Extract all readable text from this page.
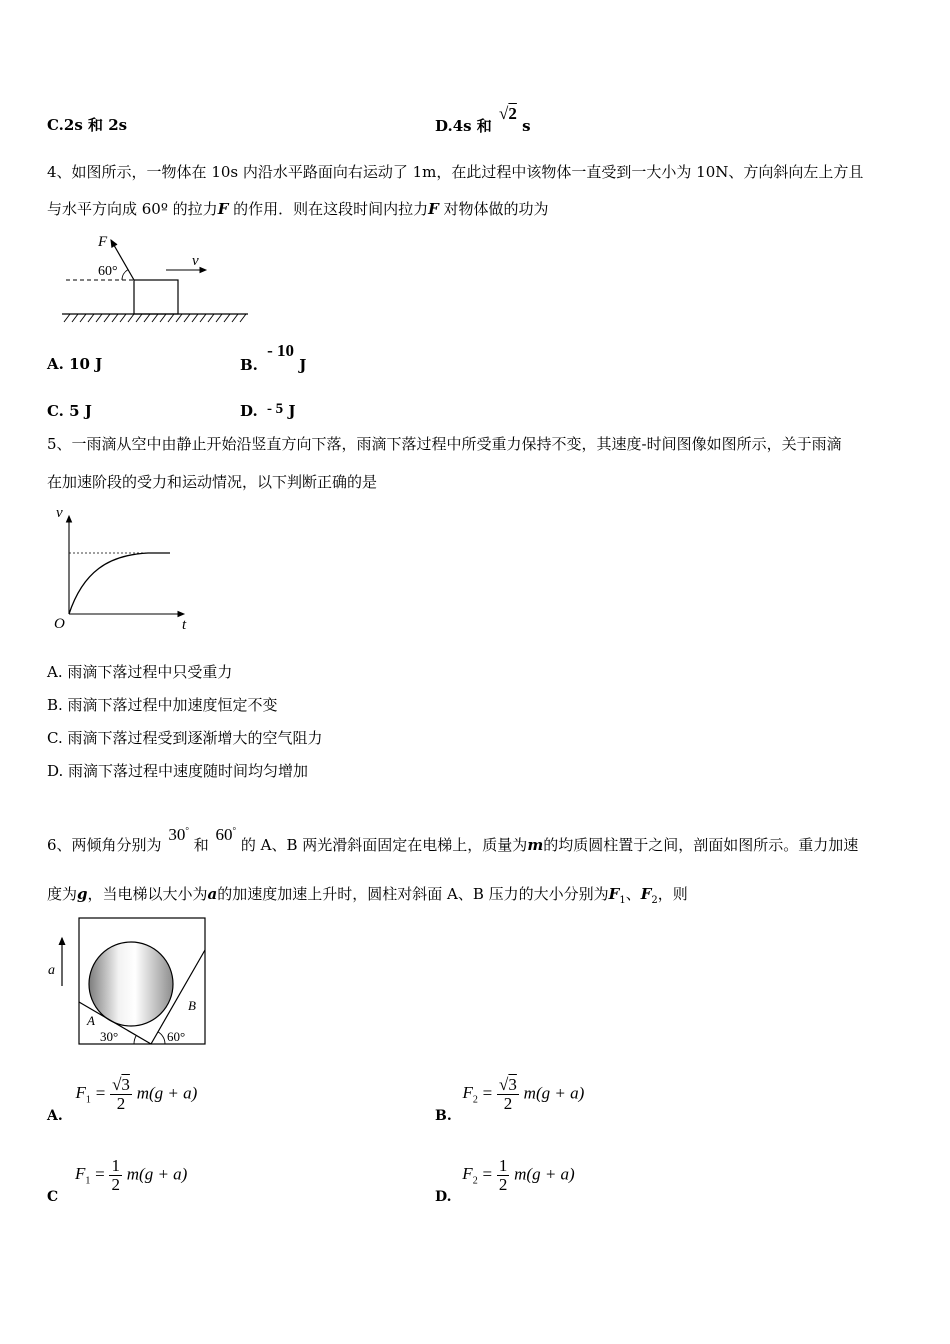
C.2s 和 2s	D.4s 和 √2 s
4、如图所示，一物体在 10s 内沿水平路面向右运动了 1m，在此过程中该物体一直受到一大小为 10N、方向斜向左上方且
与水平方向成 60º 的拉力F 的作用．则在这段时间内拉力F 对物体做的功为
F
60°
v
A. 10 J	B. - 10 J
C. 5 J	D. - 5 J
5、一雨滴从空中由静止开始沿竖直方向下落，雨滴下落过程中所受重力保持不变，其速度-时间图像如图所示，关于雨滴
在加速阶段的受力和运动情况，以下判断正确的是
v
O	t
A. 雨滴下落过程中只受重力
B. 雨滴下落过程中加速度恒定不变
C. 雨滴下落过程受到逐渐增大的空气阻力
D. 雨滴下落过程中速度随时间均匀增加
6、两倾角分别为 30° 和 60° 的 A、B 两光滑斜面固定在电梯上，质量为m的均质圆柱置于之间，剖面如图所示。重力加速
度为g，当电梯以大小为a的加速度加速上升时，圆柱对斜面 A、B 压力的大小分别为$F_1$、$F_2$，则
a
A
B
30°	60°
A. $F_1 = \frac{√3}{2} m(g + a)$
B. $F_2 = \frac{√3}{2} m(g + a)$
C $F_1 = \frac{1}{2} m(g + a)$
D. $F_2 = \frac{1}{2} m(g + a)$
